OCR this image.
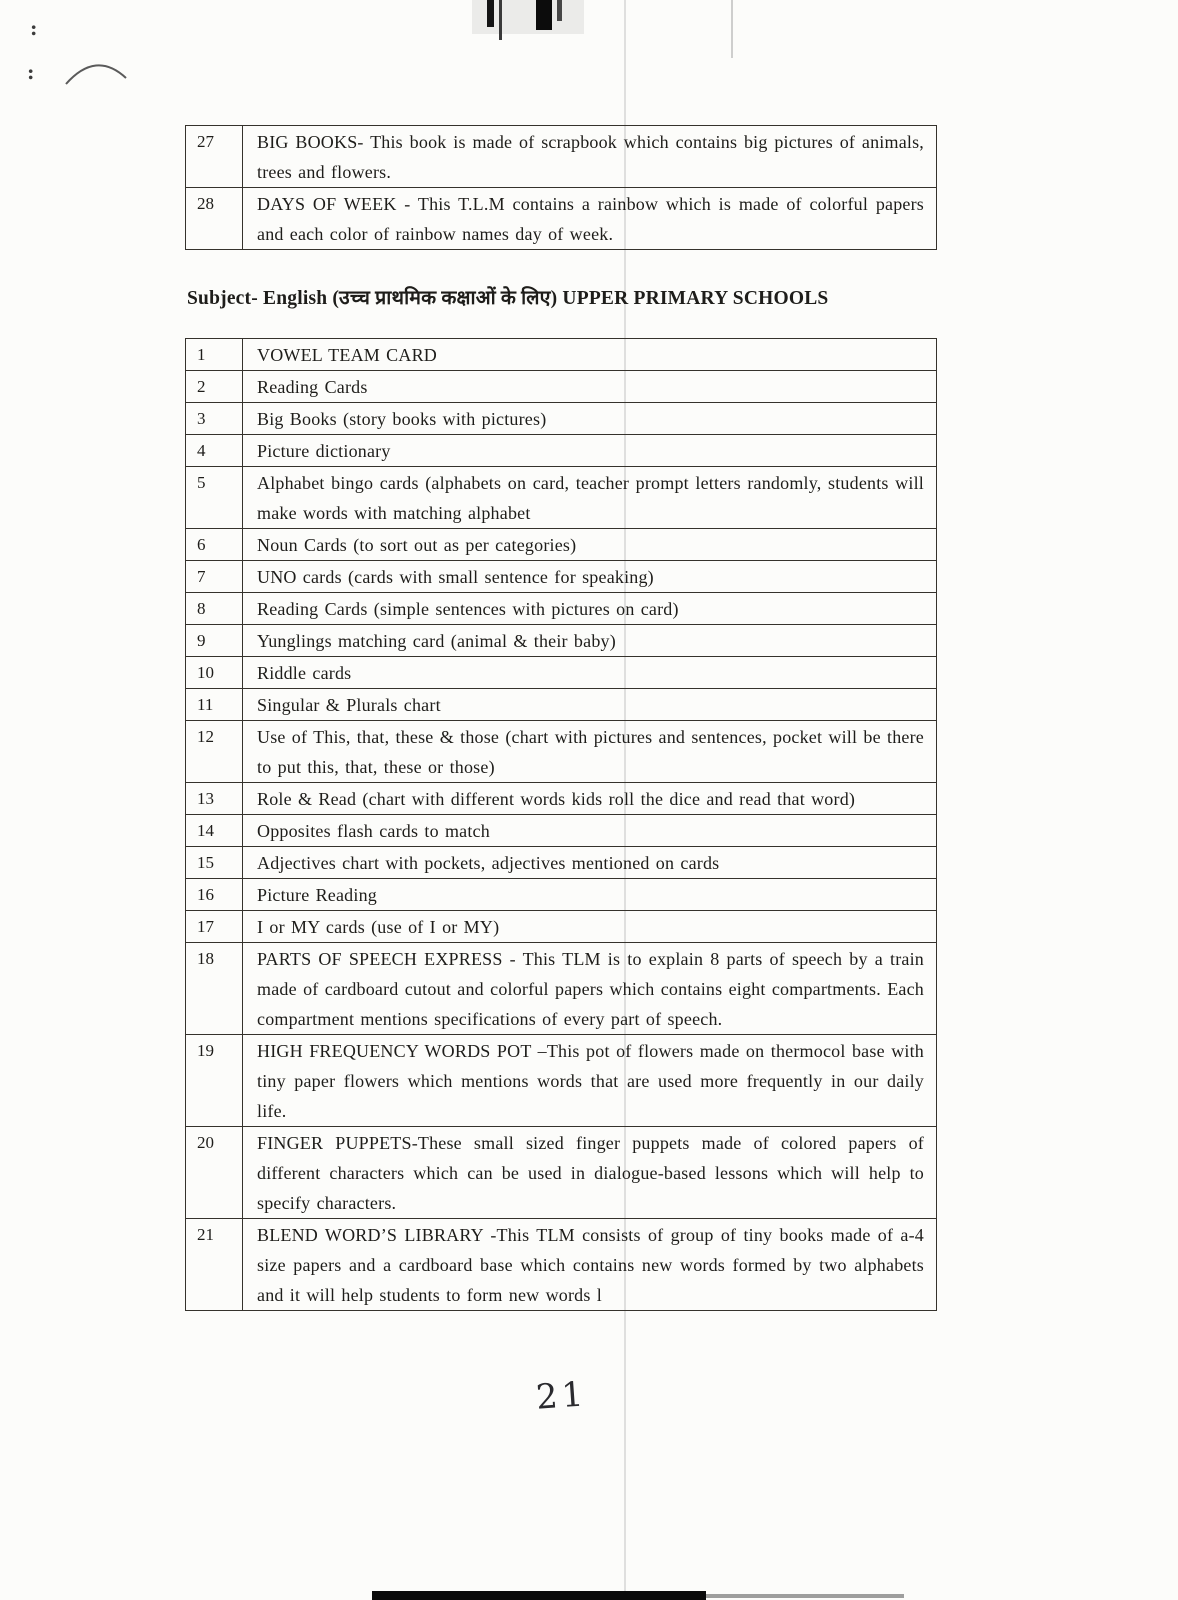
:
:
27	BIG BOOKS- This book is made of scrapbook which contains big pictures of animals, trees and flowers.
28	DAYS OF WEEK - This T.L.M contains a rainbow which is made of colorful papers and each color of rainbow names day of week.
Subject- English (उच्च प्राथमिक कक्षाओं के लिए) UPPER PRIMARY SCHOOLS
1	VOWEL TEAM CARD
2	Reading Cards
3	Big Books (story books with pictures)
4	Picture dictionary
5	Alphabet bingo cards (alphabets on card, teacher prompt letters randomly, students will make words with matching alphabet
6	Noun Cards (to sort out as per categories)
7	UNO cards (cards with small sentence for speaking)
8	Reading Cards (simple sentences with pictures on card)
9	Yunglings matching card (animal & their baby)
10	Riddle cards
11	Singular & Plurals chart
12	Use of This, that, these & those (chart with pictures and sentences, pocket will be there to put this, that, these or those)
13	Role & Read (chart with different words kids roll the dice and read that word)
14	Opposites flash cards to match
15	Adjectives chart with pockets, adjectives mentioned on cards
16	Picture Reading
17	I or MY cards (use of I or MY)
18	PARTS OF SPEECH EXPRESS - This TLM is to explain 8 parts of speech by a train made of cardboard cutout and colorful papers which contains eight compartments. Each compartment mentions specifications of every part of speech.
19	HIGH FREQUENCY WORDS POT –This pot of flowers made on thermocol base with tiny paper flowers which mentions words that are used more frequently in our daily life.
20	FINGER PUPPETS-These small sized finger puppets made of colored papers of different characters which can be used in dialogue-based lessons which will help to specify characters.
21	BLEND WORD’S LIBRARY -This TLM consists of group of tiny books made of a-4 size papers and a cardboard base which contains new words formed by two alphabets and it will help students to form new words l
21
